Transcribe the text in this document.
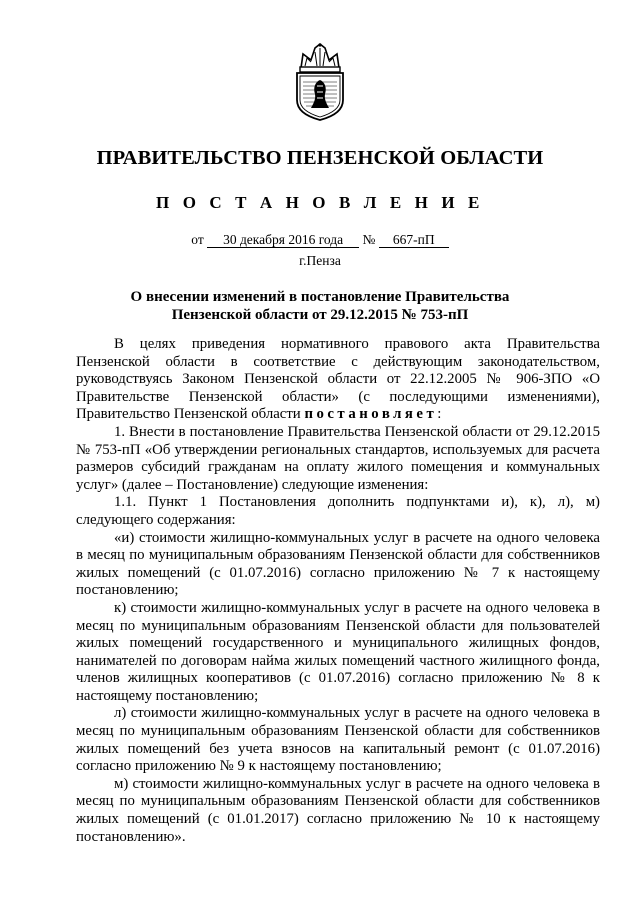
ПРАВИТЕЛЬСТВО ПЕНЗЕНСКОЙ ОБЛАСТИ
П О С Т А Н О В Л Е Н И Е
от 30 декабря 2016 года № 667-пП
г.Пенза
О внесении изменений в постановление Правительства
Пензенской области от 29.12.2015 № 753-пП

В целях приведения нормативного правового акта Правительства Пензенской области в соответствие с действующим законодательством, руководствуясь Законом Пензенской области от 22.12.2005 № 906-ЗПО «О Правительстве Пензенской области» (с последующими изменениями), Правительство Пензенской области постановляет:

1. Внести в постановление Правительства Пензенской области от 29.12.2015 № 753-пП «Об утверждении региональных стандартов, используемых для расчета размеров субсидий гражданам на оплату жилого помещения и коммунальных услуг» (далее – Постановление) следующие изменения:

1.1. Пункт 1 Постановления дополнить подпунктами и), к), л), м) следующего содержания:

«и) стоимости жилищно-коммунальных услуг в расчете на одного человека в месяц по муниципальным образованиям Пензенской области для собственников жилых помещений (с 01.07.2016) согласно приложению № 7 к настоящему постановлению;

к) стоимости жилищно-коммунальных услуг в расчете на одного человека в месяц по муниципальным образованиям Пензенской области для пользователей жилых помещений государственного и муниципального жилищных фондов, нанимателей по договорам найма жилых помещений частного жилищного фонда, членов жилищных кооперативов (с 01.07.2016) согласно приложению № 8 к настоящему постановлению;

л) стоимости жилищно-коммунальных услуг в расчете на одного человека в месяц по муниципальным образованиям Пензенской области для собственников жилых помещений без учета взносов на капитальный ремонт (с 01.07.2016) согласно приложению № 9 к настоящему постановлению;

м) стоимости жилищно-коммунальных услуг в расчете на одного человека в месяц по муниципальным образованиям Пензенской области для собственников жилых помещений (с 01.01.2017) согласно приложению № 10 к настоящему постановлению».
